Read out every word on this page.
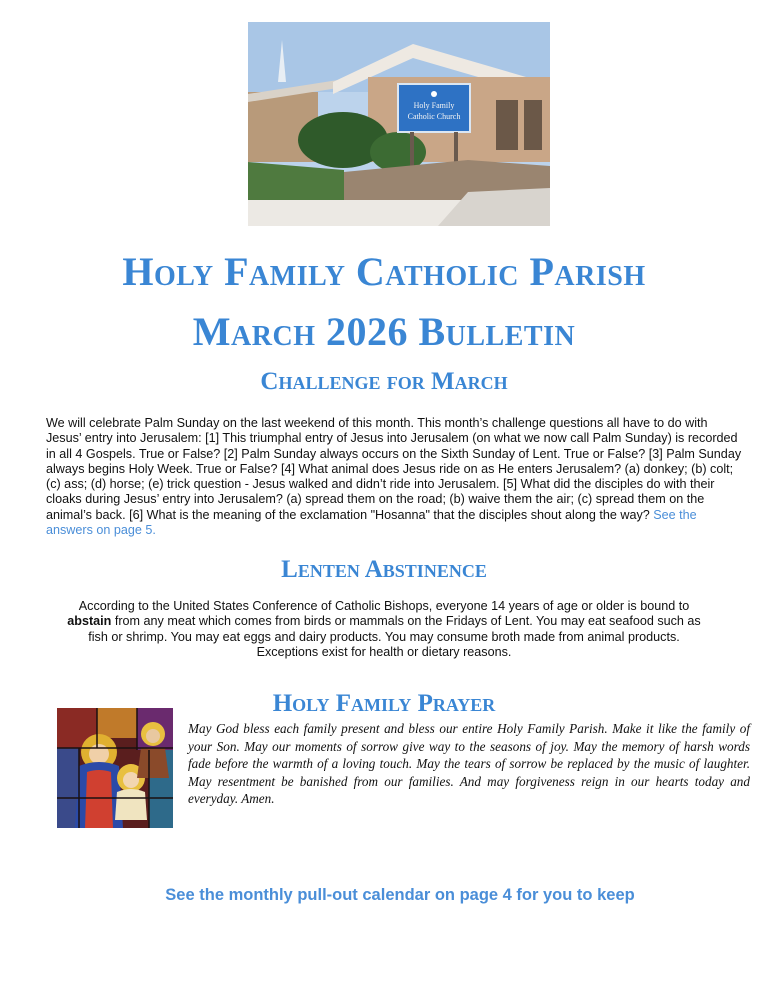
Holy Family
Catholic Church
Holy Family Catholic Parish
March 2026 Bulletin
Challenge for March

We will celebrate Palm Sunday on the last weekend of this month. This month’s challenge questions all have to do with Jesus’ entry into Jerusalem: [1] This triumphal entry of Jesus into Jerusalem (on what we now call Palm Sunday) is recorded in all 4 Gospels. True or False? [2] Palm Sunday always occurs on the Sixth Sunday of Lent. True or False? [3] Palm Sunday always begins Holy Week. True or False? [4] What animal does Jesus ride on as He enters Jerusalem? (a) donkey; (b) colt; (c) ass; (d) horse; (e) trick question - Jesus walked and didn’t ride into Jerusalem. [5] What did the disciples do with their cloaks during Jesus’ entry into Jerusalem? (a) spread them on the road; (b) waive them the air; (c) spread them on the animal’s back. [6] What is the meaning of the exclamation "Hosanna" that the disciples shout along the way? See the answers on page 5.

Lenten Abstinence

According to the United States Conference of Catholic Bishops, everyone 14 years of age or older is bound to abstain from any meat which comes from birds or mammals on the Fridays of Lent. You may eat seafood such as fish or shrimp. You may eat eggs and dairy products. You may consume broth made from animal products. Exceptions exist for health or dietary reasons.

Holy Family Prayer

May God bless each family present and bless our entire Holy Family Parish. Make it like the family of your Son. May our moments of sorrow give way to the seasons of joy. May the memory of harsh words fade before the warmth of a loving touch. May the tears of sorrow be replaced by the music of laughter. May resentment be banished from our families. And may forgiveness reign in our hearts today and everyday. Amen.

See the monthly pull-out calendar on page 4 for you to keep
